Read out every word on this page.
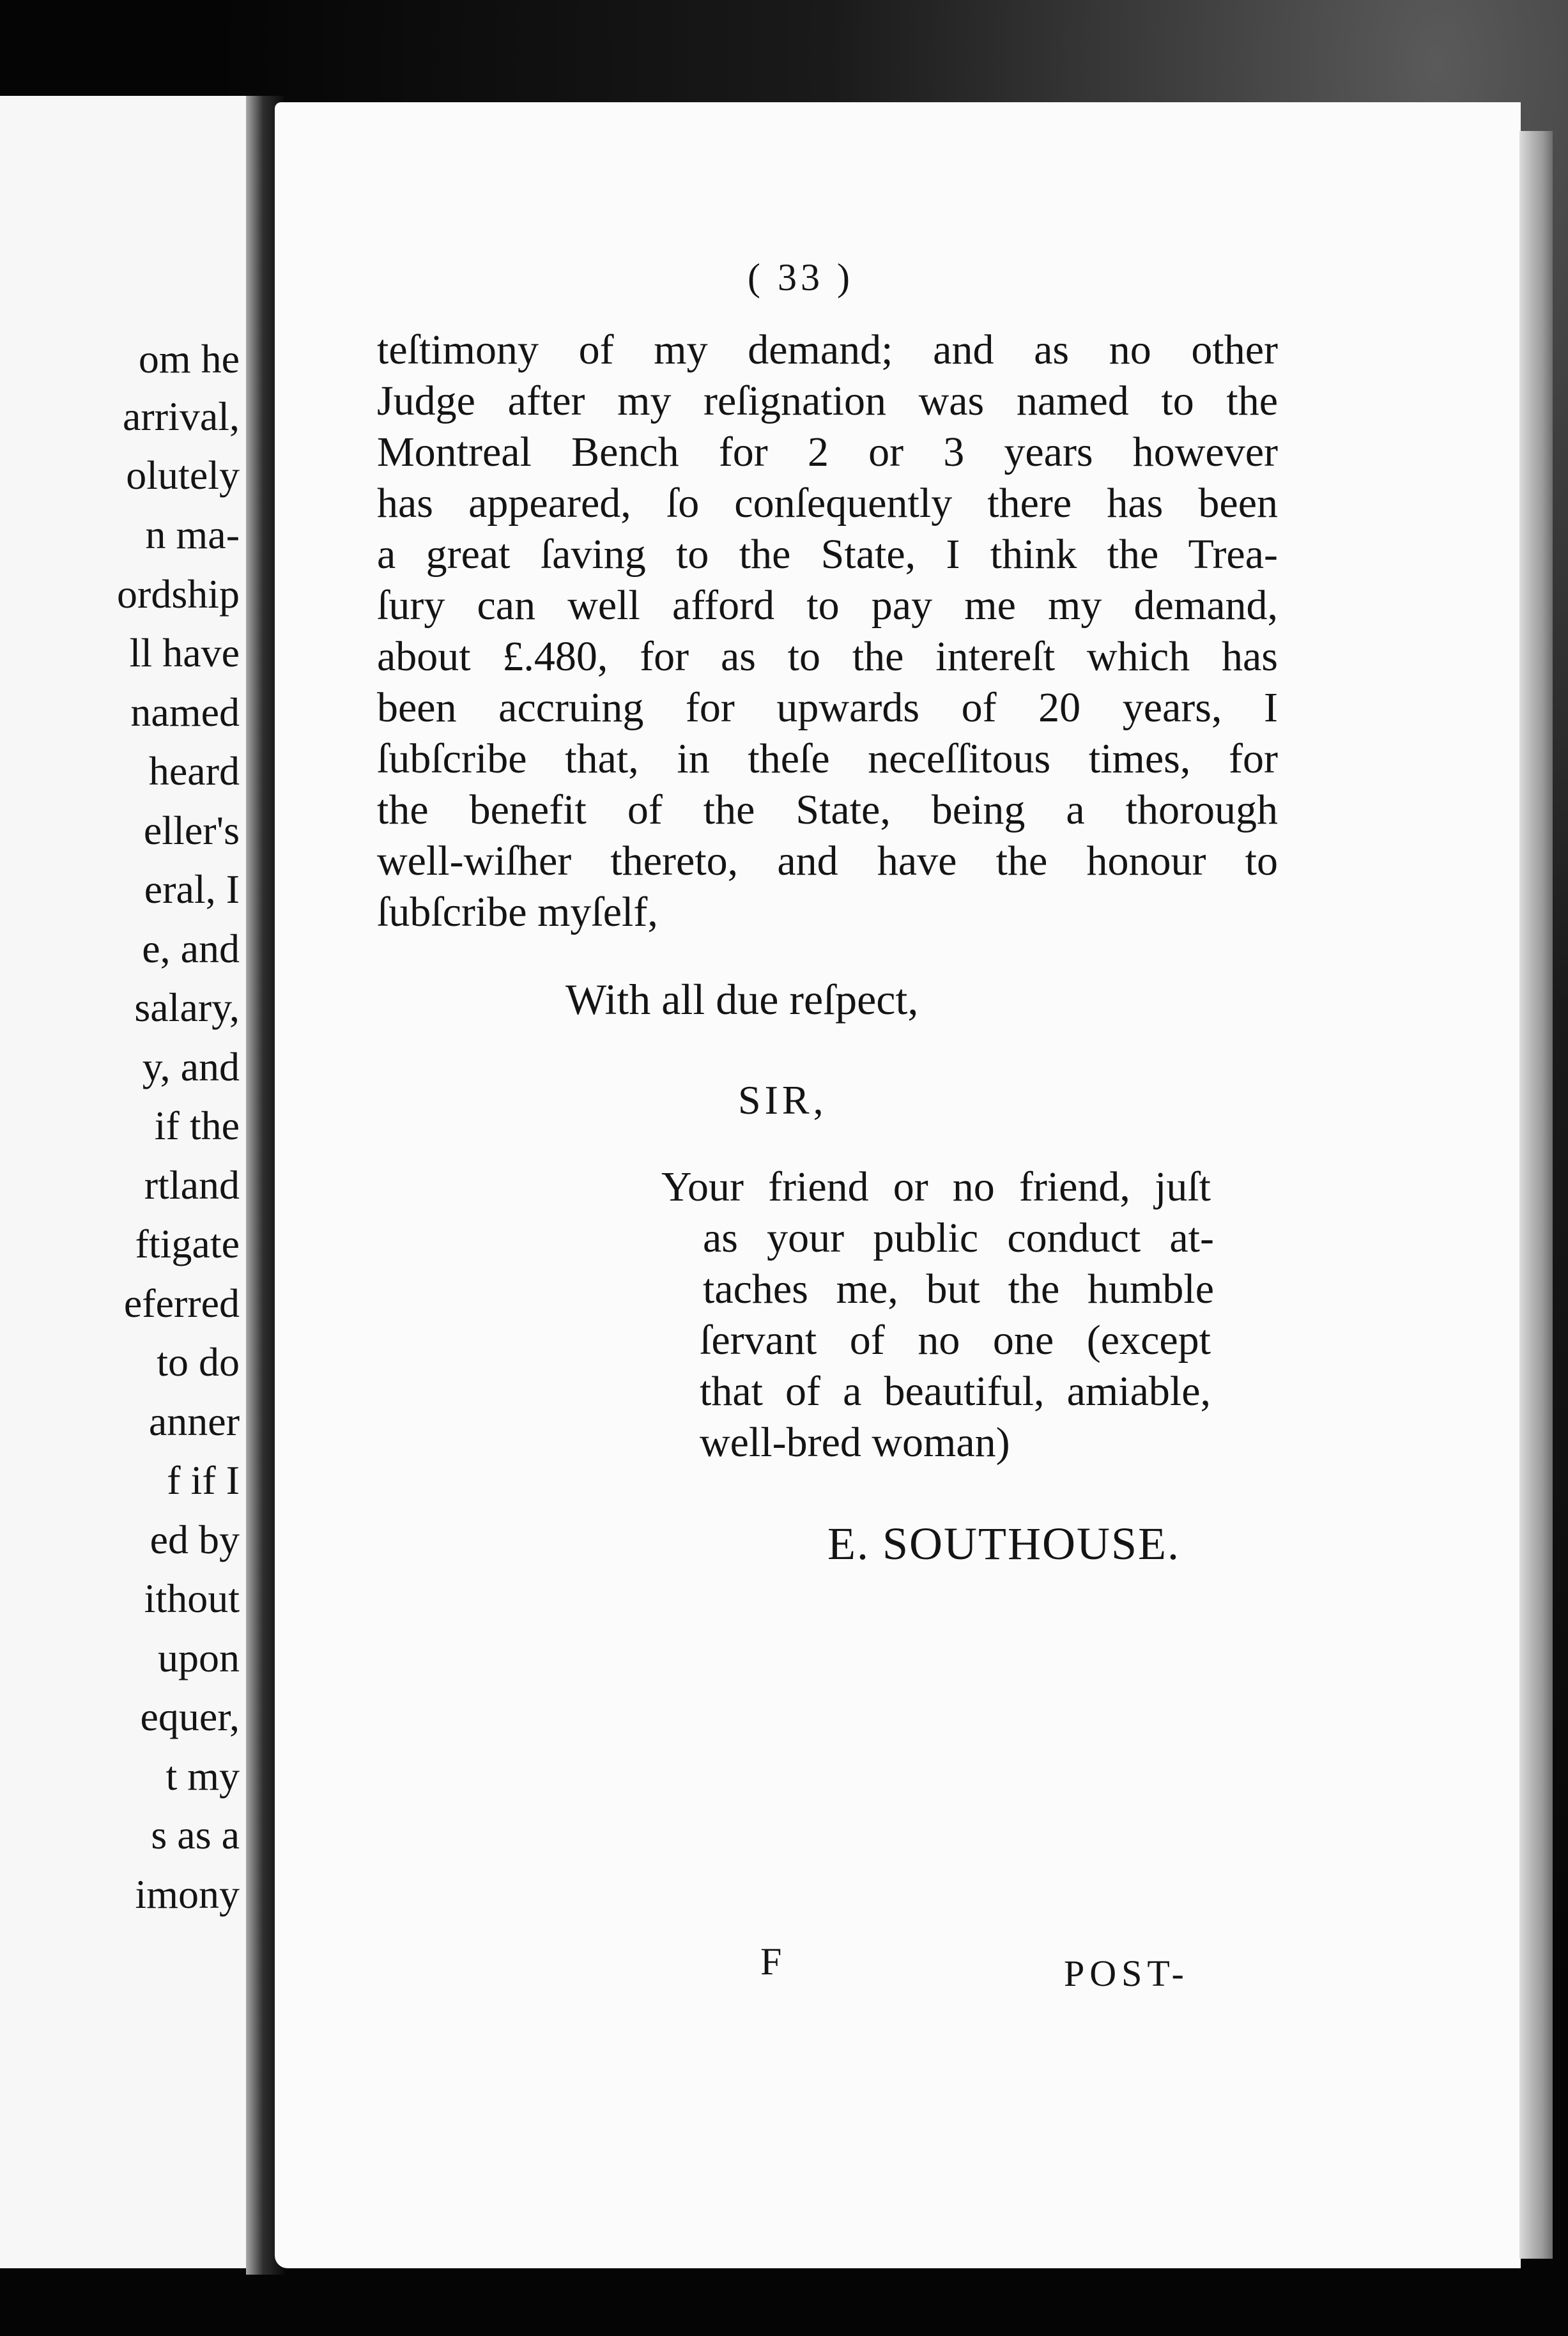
om he

arrival,

olutely

n ma-

ordship

ll have

named

heard

eller's

eral, I

e, and

salary,

y, and

if the

rtland

ftigate

eferred

to do

anner

f if I

ed by

ithout

upon

equer,

t my

s as a

imony

( 33 )

teſtimony of my demand; and as no other

Judge after my reſignation was named to the

Montreal Bench for 2 or 3 years however

has appeared, ſo conſequently there has been

a great ſaving to the State, I think the Trea-

ſury can well afford to pay me my demand,

about £.480, for as to the intereſt which has

been accruing for upwards of 20 years, I

ſubſcribe that, in theſe neceſſitous times, for

the benefit of the State, being a thorough

well-wiſher thereto, and have the honour to

ſubſcribe myſelf,

With all due reſpect,

SIR,

Your friend or no friend, juſt

as your public conduct at-

taches me, but the humble

ſervant of no one (except

that of a beautiful, amiable,

well-bred woman)

E. SOUTHOUSE.

F	POST-
